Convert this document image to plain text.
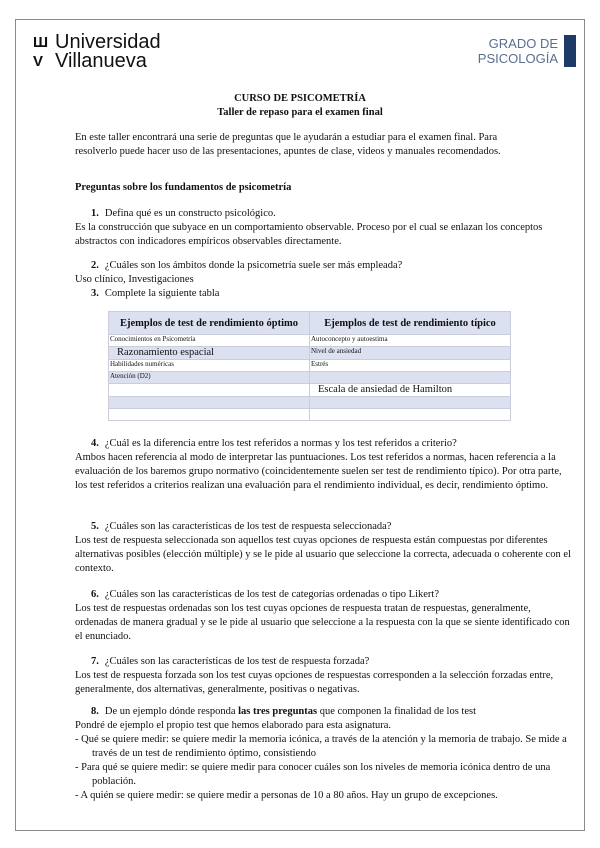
Ш Universidad
V Villanueva
GRADO DE
PSICOLOGÍA
CURSO DE PSICOMETRÍA
Taller de repaso para el examen final
En este taller encontrará una serie de preguntas que le ayudarán a estudiar para el examen final. Para resolverlo puede hacer uso de las presentaciones, apuntes de clase, videos y manuales recomendados.
Preguntas sobre los fundamentos de psicometría
1. Defina qué es un constructo psicológico.
Es la construcción que subyace en un comportamiento observable. Proceso por el cual se enlazan los conceptos abstractos con indicadores empíricos observables directamente.
2. ¿Cuáles son los ámbitos donde la psicometría suele ser más empleada?
Uso clínico, Investigaciones
3. Complete la siguiente tabla
Ejemplos de test de rendimiento óptimo	Ejemplos de test de rendimiento típico
Conocimientos en Psicometría	Autoconcepto y autoestima
Razonamiento espacial	Nivel de ansiedad
Habilidades numéricas	Estrés
Atención (D2)	
	Escala de ansiedad de Hamilton

4. ¿Cuál es la diferencia entre los test referidos a normas y los test referidos a criterio?
Ambos hacen referencia al modo de interpretar las puntuaciones. Los test referidos a normas, hacen referencia a la evaluación de los baremos grupo normativo (coincidentemente suelen ser test de rendimiento típico). Por otra parte, los test referidos a criterios realizan una evaluación para el rendimiento individual, es decir, rendimiento óptimo.
5. ¿Cuáles son las características de los test de respuesta seleccionada?
Los test de respuesta seleccionada son aquellos test cuyas opciones de respuesta están compuestas por diferentes alternativas posibles (elección múltiple) y se le pide al usuario que seleccione la correcta, adecuada o coherente con el contexto.
6. ¿Cuáles son las características de los test de categorías ordenadas o tipo Likert?
Los test de respuestas ordenadas son los test cuyas opciones de respuesta tratan de respuestas, generalmente, ordenadas de manera gradual y se le pide al usuario que seleccione a la respuesta con la que se siente identificado con el enunciado.
7. ¿Cuáles son las características de los test de respuesta forzada?
Los test de respuesta forzada son los test cuyas opciones de respuestas corresponden a la selección forzadas entre, generalmente, dos alternativas, generalmente, positivas o negativas.
8. De un ejemplo dónde responda las tres preguntas que componen la finalidad de los test
Pondré de ejemplo el propio test que hemos elaborado para esta asignatura.
- Qué se quiere medir: se quiere medir la memoria icónica, a través de la atención y la memoria de trabajo. Se mide a través de un test de rendimiento óptimo, consistiendo
- Para qué se quiere medir: se quiere medir para conocer cuáles son los niveles de memoria icónica dentro de una población.
- A quién se quiere medir: se quiere medir a personas de 10 a 80 años. Hay un grupo de excepciones.
